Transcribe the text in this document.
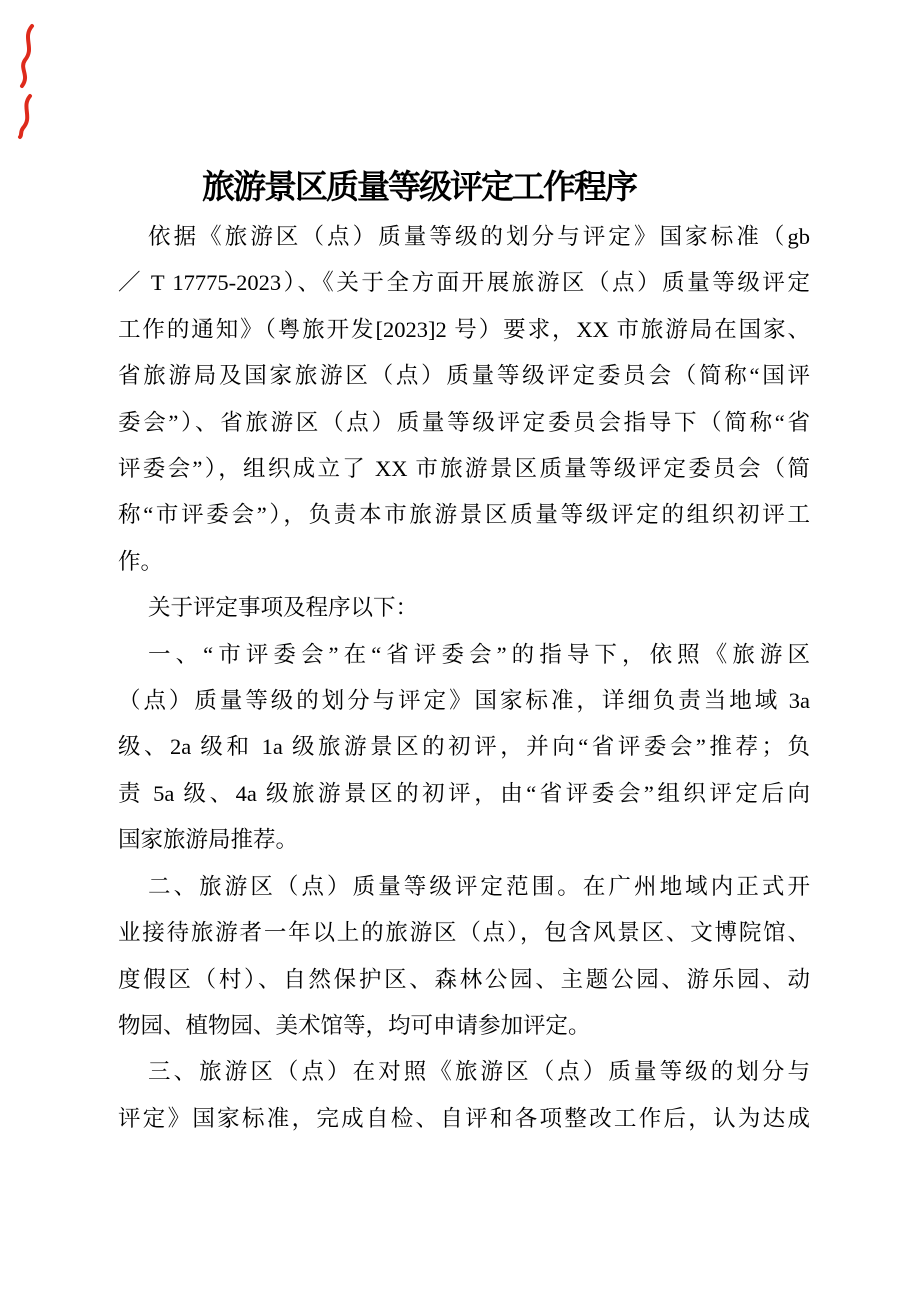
旅游景区质量等级评定工作程序
依据《旅游区（点）质量等级的划分与评定》国家标准（gb
／ T 17775-2023）、《关于全方面开展旅游区（点）质量等级评定
工作的通知》（粤旅开发[2023]2 号）要求，XX 市旅游局在国家、
省旅游局及国家旅游区（点）质量等级评定委员会（简称“国评
委会”）、省旅游区（点）质量等级评定委员会指导下（简称“省
评委会”），组织成立了 XX 市旅游景区质量等级评定委员会（简
称“市评委会”），负责本市旅游景区质量等级评定的组织初评工
作。
关于评定事项及程序以下：
一、“市评委会”在“省评委会”的指导下，依照《旅游区
（点）质量等级的划分与评定》国家标准，详细负责当地域 3a
级、2a 级和 1a 级旅游景区的初评，并向“省评委会”推荐；负
责 5a 级、4a 级旅游景区的初评，由“省评委会”组织评定后向
国家旅游局推荐。
二、旅游区（点）质量等级评定范围。在广州地域内正式开
业接待旅游者一年以上的旅游区（点），包含风景区、文博院馆、
度假区（村）、自然保护区、森林公园、主题公园、游乐园、动
物园、植物园、美术馆等，均可申请参加评定。
三、旅游区（点）在对照《旅游区（点）质量等级的划分与
评定》国家标准，完成自检、自评和各项整改工作后，认为达成
